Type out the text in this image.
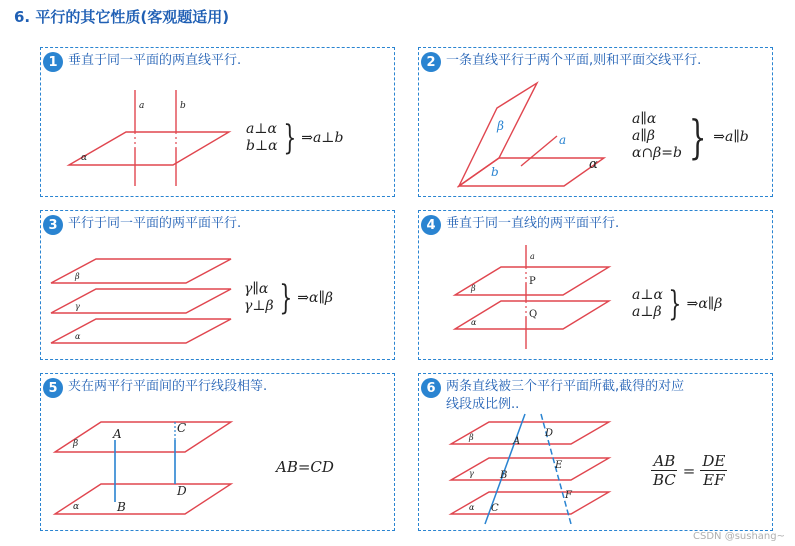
6. 平行的其它性质(客观题适用)
1 垂直于同一平面的两直线平行.
a	b
α
a⊥α
b⊥α } ⇒a⊥b
2 一条直线平行于两个平面,则和平面交线平行.
β
a
b	α
a∥α
a∥β
α∩β=b } ⇒a∥b
3 平行于同一平面的两平面平行.
β
γ
α
γ∥α
γ⊥β } ⇒α∥β
4 垂直于同一直线的两平面平行.
a
P
Q
β
α
a⊥α
a⊥β } ⇒α∥β
5 夹在两平行平面间的平行线段相等.
A
B
C
D
β
α
AB=CD
6 两条直线被三个平行平面所截,截得的对应
线段成比例..
A
B
C
D
E
F
β
γ
α
$\frac{AB}{BC} = \frac{DE}{EF}$
CSDN @sushang~
